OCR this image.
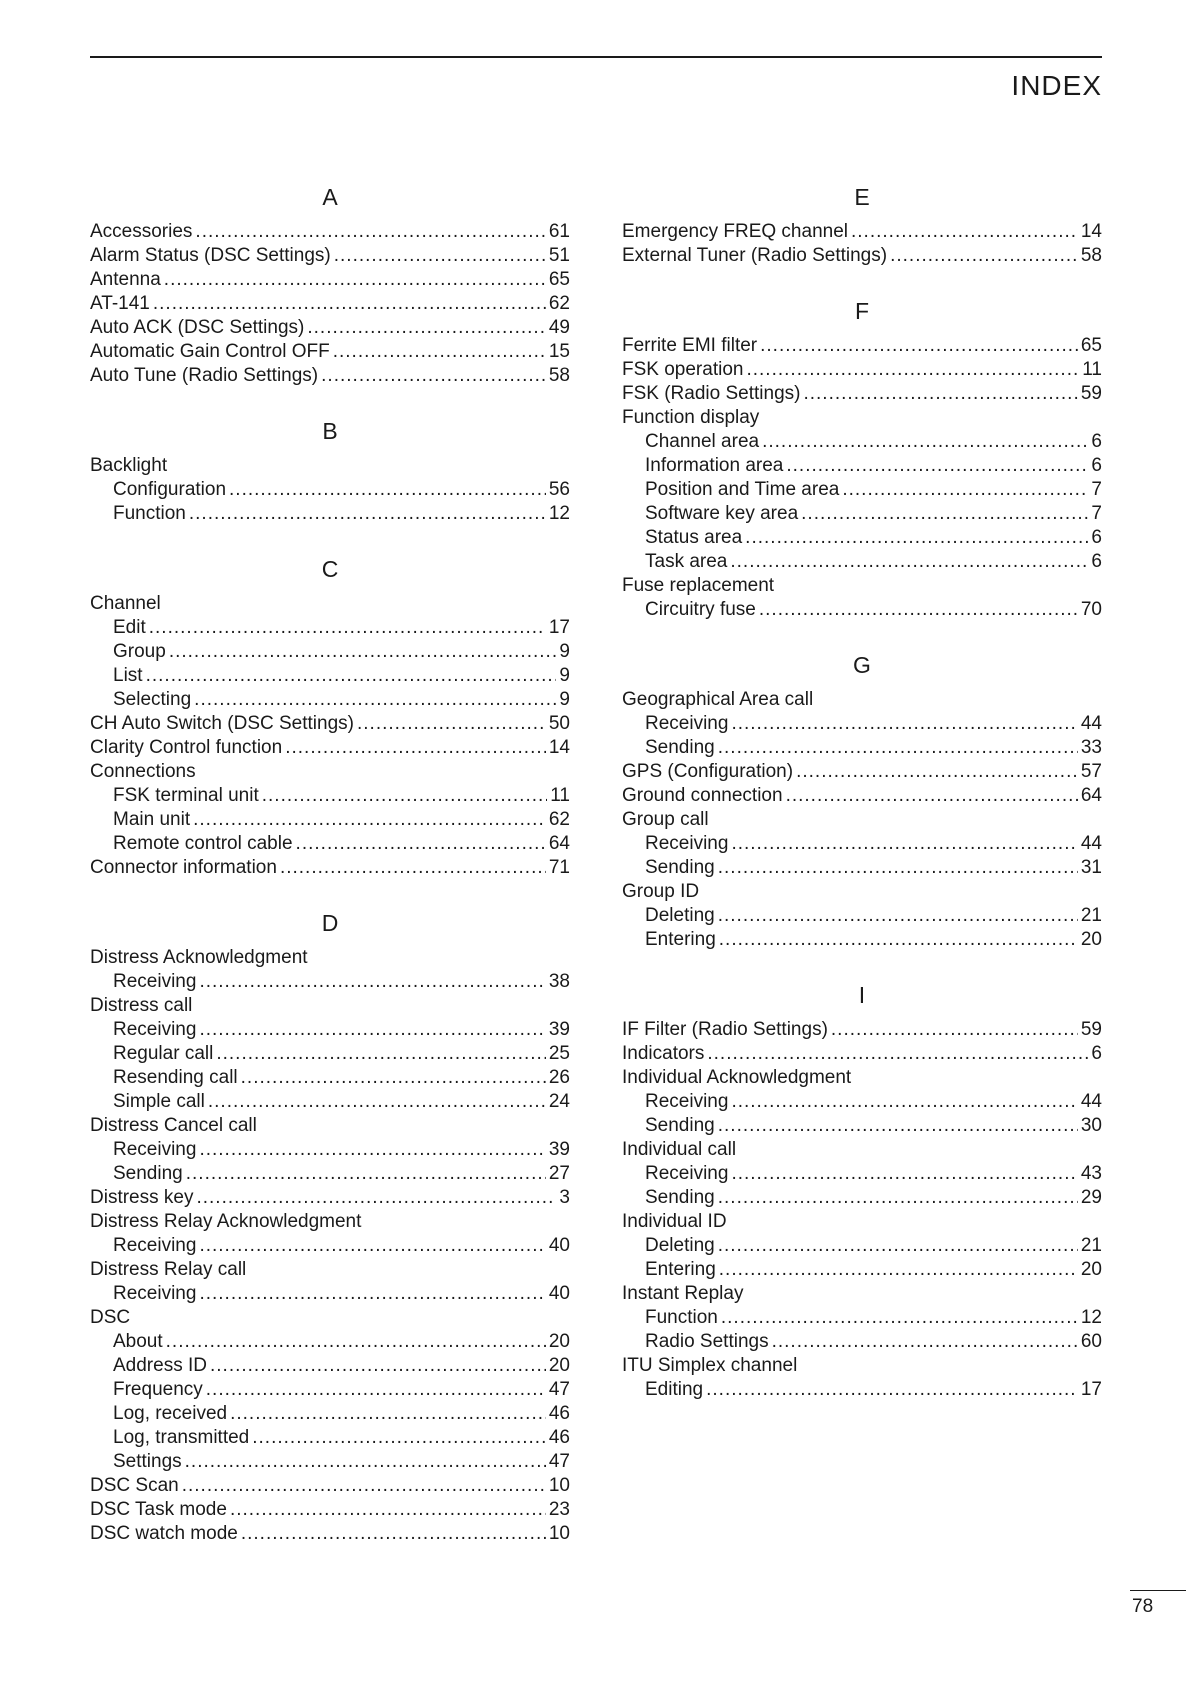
INDEX
A
Accessories .....	61
Alarm Status (DSC Settings) .....	51
Antenna .....	65
AT-141 .....	62
Auto ACK (DSC Settings) .....	49
Automatic Gain Control OFF .....	15
Auto Tune (Radio Settings) .....	58
B
Backlight
Configuration .....	56
Function .....	12
C
Channel
Edit .....	17
Group .....	9
List .....	9
Selecting .....	9
CH Auto Switch (DSC Settings) .....	50
Clarity Control function .....	14
Connections
FSK terminal unit .....	11
Main unit .....	62
Remote control cable .....	64
Connector information .....	71
D
Distress Acknowledgment
Receiving .....	38
Distress call
Receiving .....	39
Regular call .....	25
Resending call .....	26
Simple call .....	24
Distress Cancel call
Receiving .....	39
Sending .....	27
Distress key .....	3
Distress Relay Acknowledgment
Receiving .....	40
Distress Relay call
Receiving .....	40
DSC
About .....	20
Address ID .....	20
Frequency .....	47
Log, received .....	46
Log, transmitted .....	46
Settings .....	47
DSC Scan .....	10
DSC Task mode .....	23
DSC watch mode .....	10
E
Emergency FREQ channel .....	14
External Tuner (Radio Settings) .....	58
F
Ferrite EMI filter .....	65
FSK operation .....	11
FSK (Radio Settings) .....	59
Function display
Channel area .....	6
Information area .....	6
Position and Time area .....	7
Software key area .....	7
Status area .....	6
Task area .....	6
Fuse replacement
Circuitry fuse .....	70
G
Geographical Area call
Receiving .....	44
Sending .....	33
GPS (Configuration) .....	57
Ground connection .....	64
Group call
Receiving .....	44
Sending .....	31
Group ID
Deleting .....	21
Entering .....	20
I
IF Filter (Radio Settings) .....	59
Indicators .....	6
Individual Acknowledgment
Receiving .....	44
Sending .....	30
Individual call
Receiving .....	43
Sending .....	29
Individual ID
Deleting .....	21
Entering .....	20
Instant Replay
Function .....	12
Radio Settings .....	60
ITU Simplex channel
Editing .....	17
78
